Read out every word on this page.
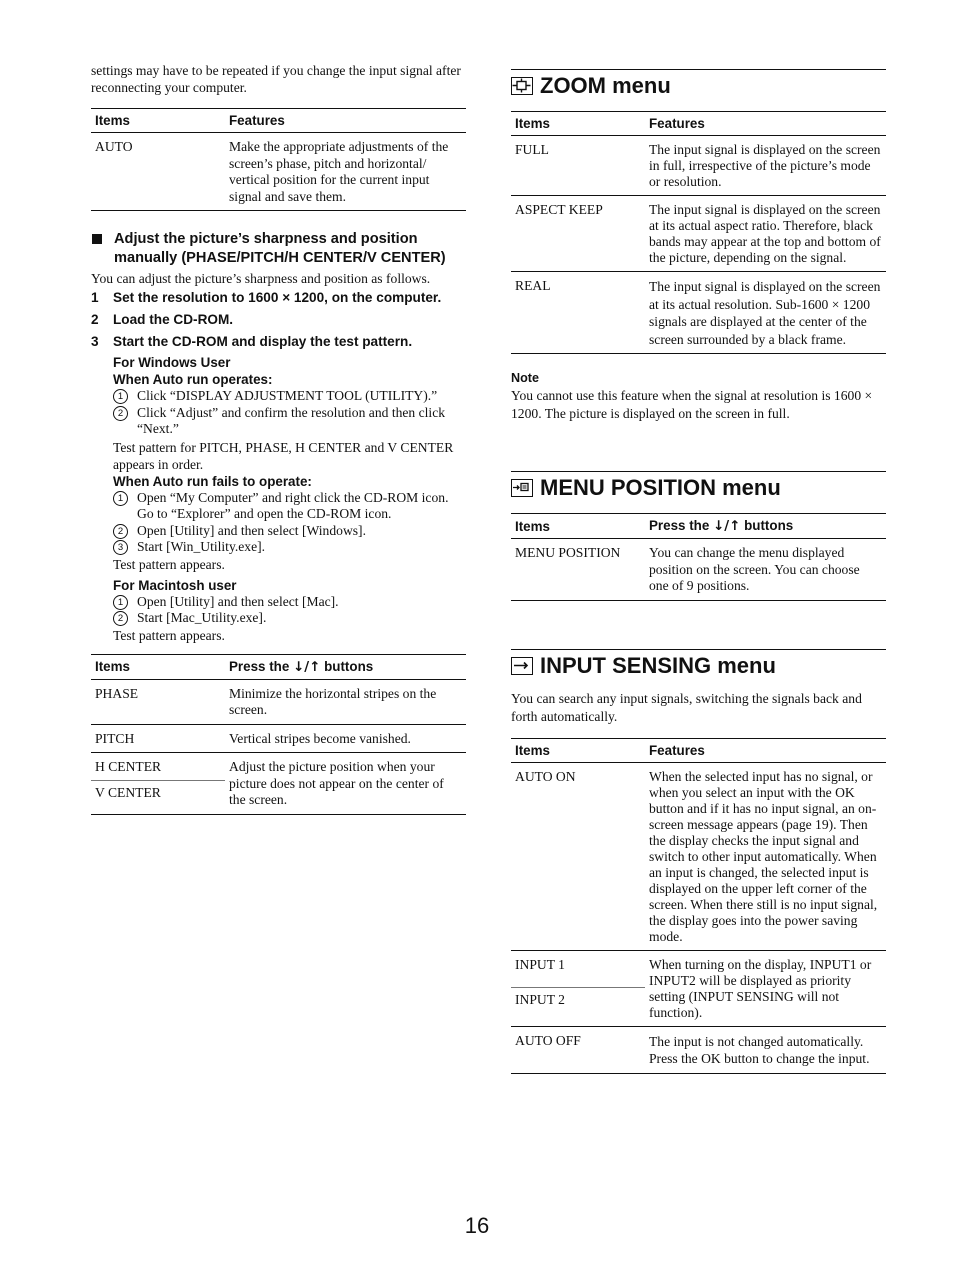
settings may have to be repeated if you change the input signal after reconnecting your computer.

Items	Features
AUTO	Make the appropriate adjustments of the screen’s phase, pitch and horizontal/ vertical position for the current input signal and save them.
Adjust the picture’s sharpness and position manually (PHASE/PITCH/H CENTER/V CENTER)

You can adjust the picture’s sharpness and position as follows.

1	Set the resolution to 1600 × 1200, on the computer.
2	Load the CD-ROM.
3	Start the CD-ROM and display the test pattern.
For Windows User
When Auto run operates:
1	Click “DISPLAY ADJUSTMENT TOOL (UTILITY).”
2	Click “Adjust” and confirm the resolution and then click “Next.”

Test pattern for PITCH, PHASE, H CENTER and V CENTER appears in order.

When Auto run fails to operate:
1	Open “My Computer” and right click the CD-ROM icon. Go to “Explorer” and open the CD-ROM icon.
2	Open [Utility] and then select [Windows].
3	Start [Win_Utility.exe].

Test pattern appears.

For Macintosh user
1	Open [Utility] and then select [Mac].
2	Start [Mac_Utility.exe].

Test pattern appears.

Items	Press the ↓/↑ buttons
PHASE	Minimize the horizontal stripes on the screen.
PITCH	Vertical stripes become vanished.

H CENTER
V CENTER	Adjust the picture position when your picture does not appear on the center of the screen.
ZOOM menu
Items	Features
FULL	The input signal is displayed on the screen in full, irrespective of the picture’s mode or resolution.
ASPECT KEEP	The input signal is displayed on the screen at its actual aspect ratio. Therefore, black bands may appear at the top and bottom of the picture, depending on the signal.
REAL	The input signal is displayed on the screen at its actual resolution. Sub-1600 × 1200 signals are displayed at the center of the screen surrounded by a black frame.
Note

You cannot use this feature when the signal at resolution is 1600 × 1200. The picture is displayed on the screen in full.

MENU POSITION menu
Items	Press the ↓/↑ buttons
MENU POSITION	You can change the menu displayed position on the screen. You can choose one of 9 positions.
INPUT SENSING menu

You can search any input signals, switching the signals back and forth automatically.

Items	Features
AUTO ON	When the selected input has no signal, or when you select an input with the OK button and if it has no input signal, an on-screen message appears (page 19). Then the display checks the input signal and switch to other input automatically. When an input is changed, the selected input is displayed on the upper left corner of the screen. When there still is no input signal, the display goes into the power saving mode.

INPUT 1
INPUT 2	When turning on the display, INPUT1 or INPUT2 will be displayed as priority setting (INPUT SENSING will not function).
AUTO OFF	The input is not changed automatically. Press the OK button to change the input.
16
